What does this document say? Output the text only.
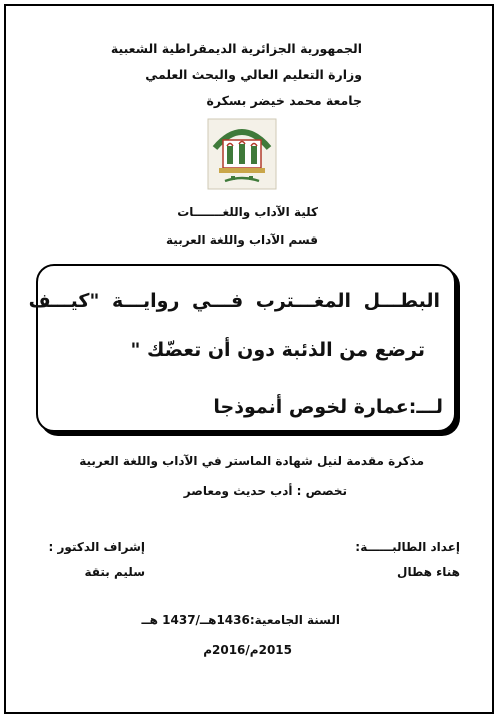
الجمهورية الجزائرية الديمقراطية الشعبية
وزارة التعليم العالي والبحث العلمي
جامعة محمد خيضر بسكرة
كلية الآداب واللغـــــــات
قسم الآداب واللغة العربية
البطـــل المغـــترب فـــي روايـــة "كيـــف
ترضع من الذئبة دون أن تعضّك "
لـــ:عمارة لخوص أنموذجا
مذكرة مقدمة لنيل شهادة الماستر في الآداب واللغة العربية
تخصص : أدب حديث ومعاصر
إعداد الطالبــــــة
:
إشراف الدكتور :
هناء هطال
سليم بتقة
السنة الجامعية:1436هــ/1437 هــ
2015م/2016م
